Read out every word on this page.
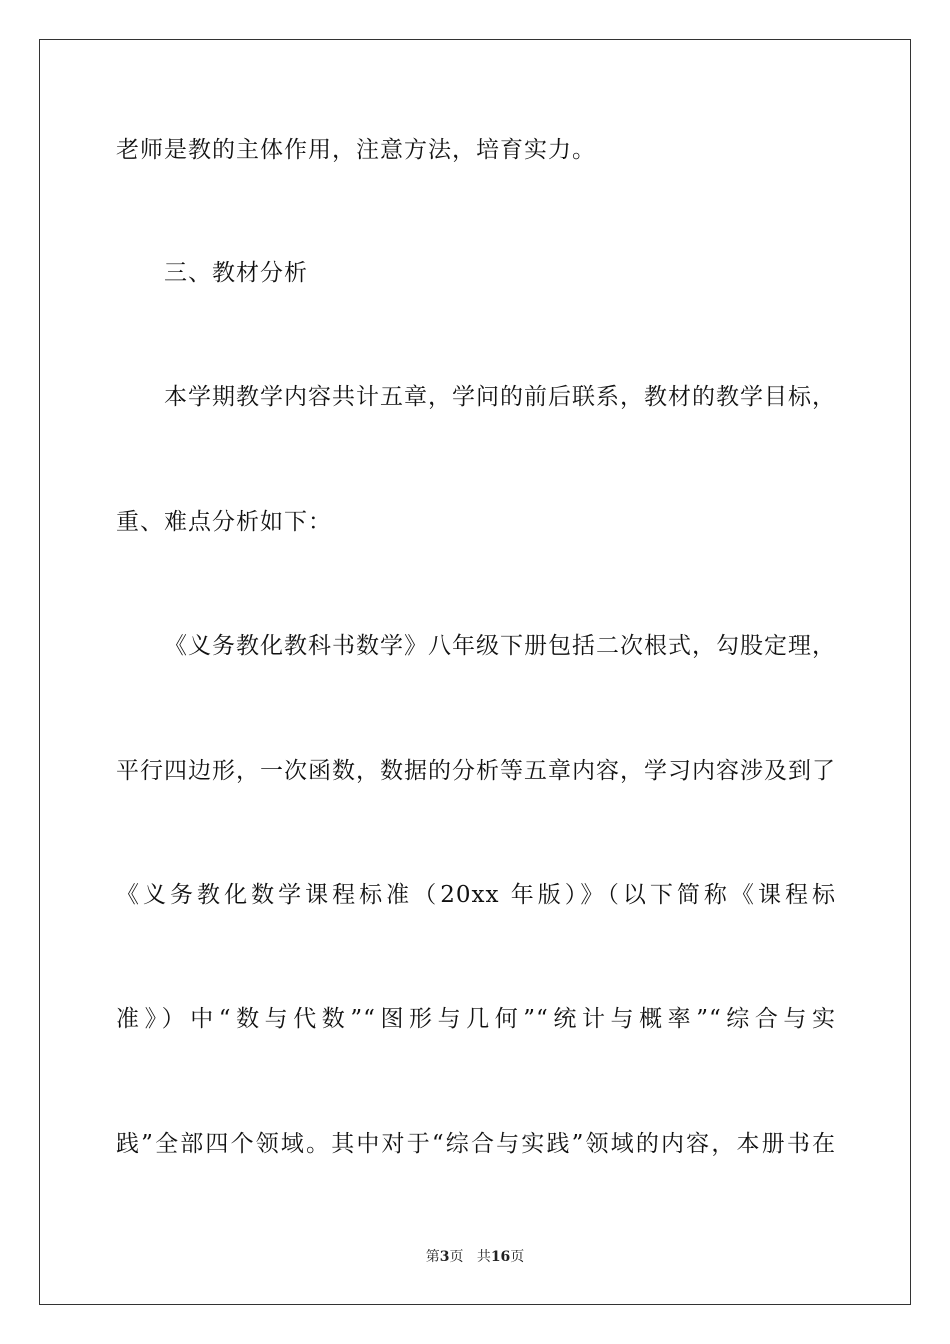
老师是教的主体作用，注意方法，培育实力。
三、教材分析
本学期教学内容共计五章，学问的前后联系，教材的教学目标，
重、难点分析如下：
《义务教化教科书数学》八年级下册包括二次根式，勾股定理，
平行四边形，一次函数，数据的分析等五章内容，学习内容涉及到了
《义务教化数学课程标准（20xx 年版）》（以下简称《课程标
准》）中“数与代数”“图形与几何”“统计与概率”“综合与实
践”全部四个领域。其中对于“综合与实践”领域的内容，本册书在
第3页 共16页
